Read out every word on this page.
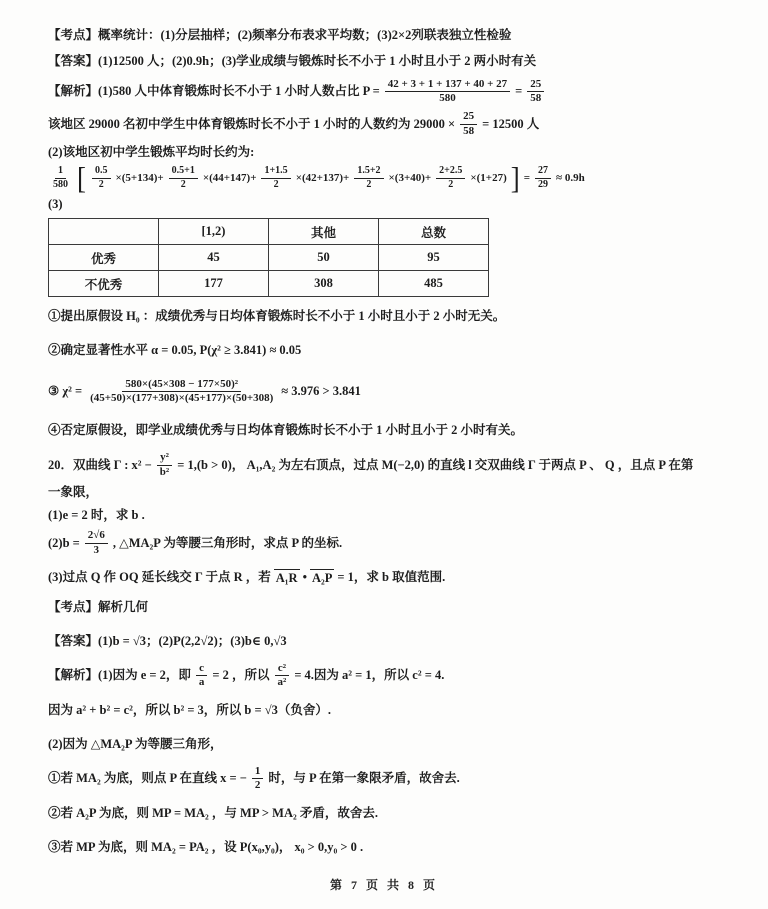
【考点】概率统计：(1)分层抽样；(2)频率分布表求平均数；(3)2×2列联表独立性检验

【答案】(1)12500 人；(2)0.9h；(3)学业成绩与锻炼时长不小于 1 小时且小于 2 两小时有关

【解析】(1)580 人中体育锻炼时长不小于 1 小时人数占比 $P = \frac{42 + 3 + 1 + 137 + 40 + 27}{580} = \frac{25}{58}$

该地区 29000 名初中学生中体育锻炼时长不小于 1 小时的人数约为 $29000 \times \frac{25}{58} = 12500$ 人

(2)该地区初中学生锻炼平均时长约为:

$\frac{1}{580}$ [ $\frac{0.5}{2} \times(5+134)+ \frac{0.5+1}{2} \times(44+147)+ \frac{1+1.5}{2} \times(42+137)+ \frac{1.5+2}{2} \times(3+40)+ \frac{2+2.5}{2} \times(1+27)$ ] = $\frac{27}{29} \approx 0.9h$

(3)

	[1,2)	其他	总数
优秀	45	50	95
不优秀	177	308	485

①提出原假设 H₀ ：成绩优秀与日均体育锻炼时长不小于 1 小时且小于 2 小时无关。

②确定显著性水平 α = 0.05, P(χ² ≥ 3.841) ≈ 0.05

③ $\chi^2 = \frac{\text{580×(45×308 − 177×50)²}}{(45+50)\times(177+308)\times(45+177)\times(50+308)} \approx 3.976 > 3.841$

④否定原假设，即学业成绩优秀与日均体育锻炼时长不小于 1 小时且小于 2 小时有关。

20．双曲线 Γ : $x^2 - \frac{\text{y²}}{\text{b²}} = 1,(b > 0)$， A₁,A₂ 为左右顶点，过点 M(−2,0) 的直线 l 交双曲线 Γ 于两点 P 、 Q ，且点 P 在第

一象限，

(1)e = 2 时，求 b .

$(2)b = \frac{2√6}{3}$ , △MA₂P 为等腰三角形时，求点 P 的坐标.

(3)过点 Q 作 OQ 延长线交 Γ 于点 R ，若 A₁R • A₂P = 1，求 b 取值范围.

【考点】解析几何

【答案】(1)b = √3；(2)P(2,2√2)；(3)b∈ 0,√3

【解析】(1)因为 e = 2，即 $\frac{c}{a} = 2$ ，所以 $\frac{\text{c²}}{\text{a²}} = 4$.因为 a² = 1，所以 c² = 4.

因为 a² + b² = c²，所以 b² = 3，所以 b = √3（负舍）.

(2)因为 △MA₂P 为等腰三角形，

①若 MA₂ 为底，则点 P 在直线 x = − $\frac{1}{2}$ 时，与 P 在第一象限矛盾，故舍去.

②若 A₂P 为底，则 MP = MA₂ ，与 MP > MA₂ 矛盾，故舍去.

③若 MP 为底，则 MA₂ = PA₂ ，设 P(x₀,y₀)， x₀ > 0,y₀ > 0 .

第 7 页 共 8 页
